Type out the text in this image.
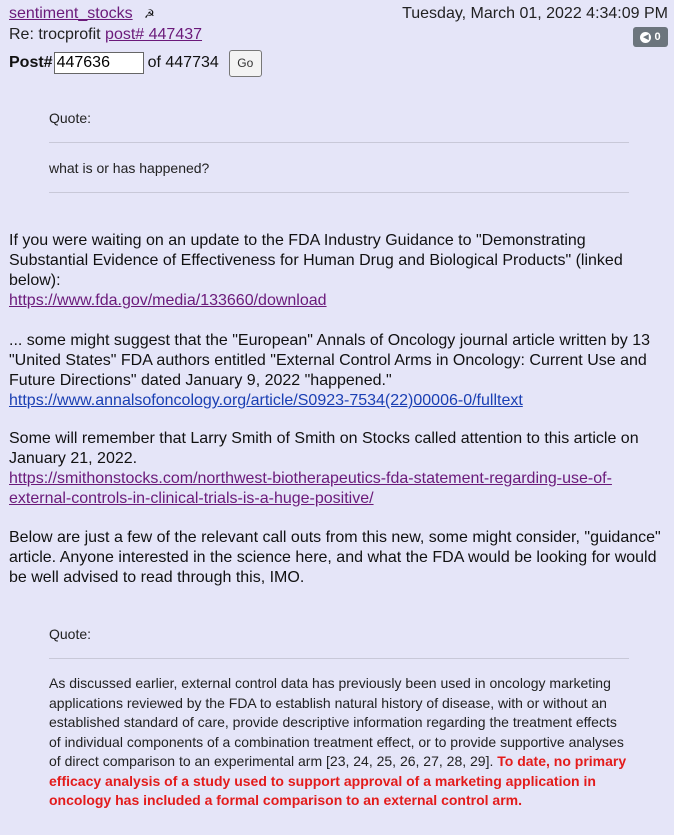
sentiment_stocks ☭	Tuesday, March 01, 2022 4:34:09 PM
Re: trocprofit post# 447437	◀ 0
Post#
447636	of 447734	Go
Quote:
what is or has happened?
If you were waiting on an update to the FDA Industry Guidance to "Demonstrating Substantial Evidence of Effectiveness for Human Drug and Biological Products" (linked below):
https://www.fda.gov/media/133660/download
... some might suggest that the "European" Annals of Oncology journal article written by 13 "United States" FDA authors entitled "External Control Arms in Oncology: Current Use and Future Directions" dated January 9, 2022 "happened."
https://www.annalsofoncology.org/article/S0923-7534(22)00006-0/fulltext
Some will remember that Larry Smith of Smith on Stocks called attention to this article on January 21, 2022.
https://smithonstocks.com/northwest-biotherapeutics-fda-statement-regarding-use-of-external-controls-in-clinical-trials-is-a-huge-positive/
Below are just a few of the relevant call outs from this new, some might consider, "guidance" article. Anyone interested in the science here, and what the FDA would be looking for would be well advised to read through this, IMO.
Quote:
As discussed earlier, external control data has previously been used in oncology marketing applications reviewed by the FDA to establish natural history of disease, with or without an established standard of care, provide descriptive information regarding the treatment effects of individual components of a combination treatment effect, or to provide supportive analyses of direct comparison to an experimental arm [23, 24, 25, 26, 27, 28, 29]. To date, no primary efficacy analysis of a study used to support approval of a marketing application in oncology has included a formal comparison to an external control arm.
